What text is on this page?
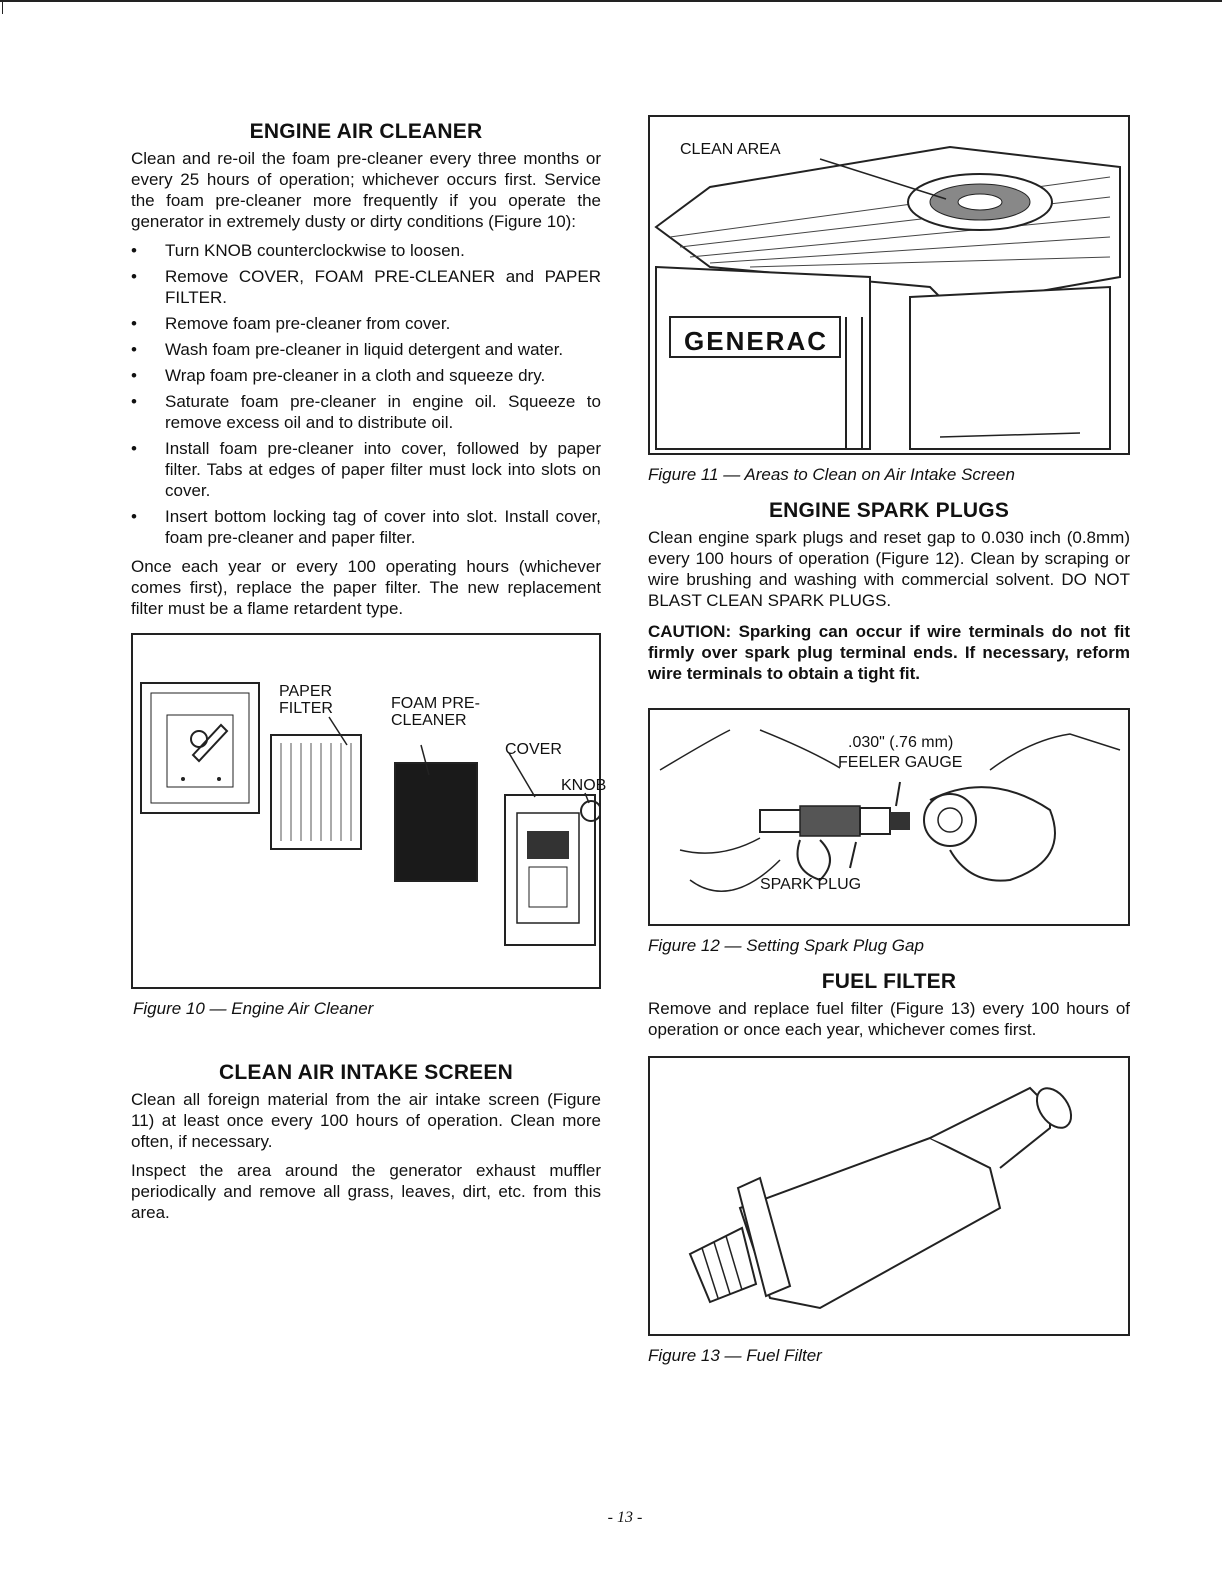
ENGINE AIR CLEANER

Clean and re-oil the foam pre-cleaner every three months or every 25 hours of operation; whichever occurs first. Service the foam pre-cleaner more frequently if you operate the generator in extremely dusty or dirty conditions (Figure 10):

• Turn KNOB counterclockwise to loosen.
• Remove COVER, FOAM PRE-CLEANER and PAPER FILTER.
• Remove foam pre-cleaner from cover.
• Wash foam pre-cleaner in liquid detergent and water.
• Wrap foam pre-cleaner in a cloth and squeeze dry.
• Saturate foam pre-cleaner in engine oil. Squeeze to remove excess oil and to distribute oil.
• Install foam pre-cleaner into cover, followed by paper filter. Tabs at edges of paper filter must lock into slots on cover.
• Insert bottom locking tag of cover into slot. Install cover, foam pre-cleaner and paper filter.

Once each year or every 100 operating hours (whichever comes first), replace the paper filter. The new replacement filter must be a flame retardent type.

PAPER FILTER	FOAM PRE- CLEANER
COVER
KNOB
Figure 10 — Engine Air Cleaner
CLEAN AIR INTAKE SCREEN

Clean all foreign material from the air intake screen (Figure 11) at least once every 100 hours of operation. Clean more often, if necessary.

Inspect the area around the generator exhaust muffler periodically and remove all grass, leaves, dirt, etc. from this area.

CLEAN AREA
GENERAC
Figure 11 — Areas to Clean on Air Intake Screen
ENGINE SPARK PLUGS

Clean engine spark plugs and reset gap to 0.030 inch (0.8mm) every 100 hours of operation (Figure 12). Clean by scraping or wire brushing and washing with commercial solvent. DO NOT BLAST CLEAN SPARK PLUGS.

CAUTION: Sparking can occur if wire terminals do not fit firmly over spark plug terminal ends. If necessary, reform wire terminals to obtain a tight fit.
.030" (.76 mm)
FEELER GAUGE
SPARK PLUG
Figure 12 — Setting Spark Plug Gap
FUEL FILTER

Remove and replace fuel filter (Figure 13) every 100 hours of operation or once each year, whichever comes first.

Figure 13 — Fuel Filter
- 13 -
